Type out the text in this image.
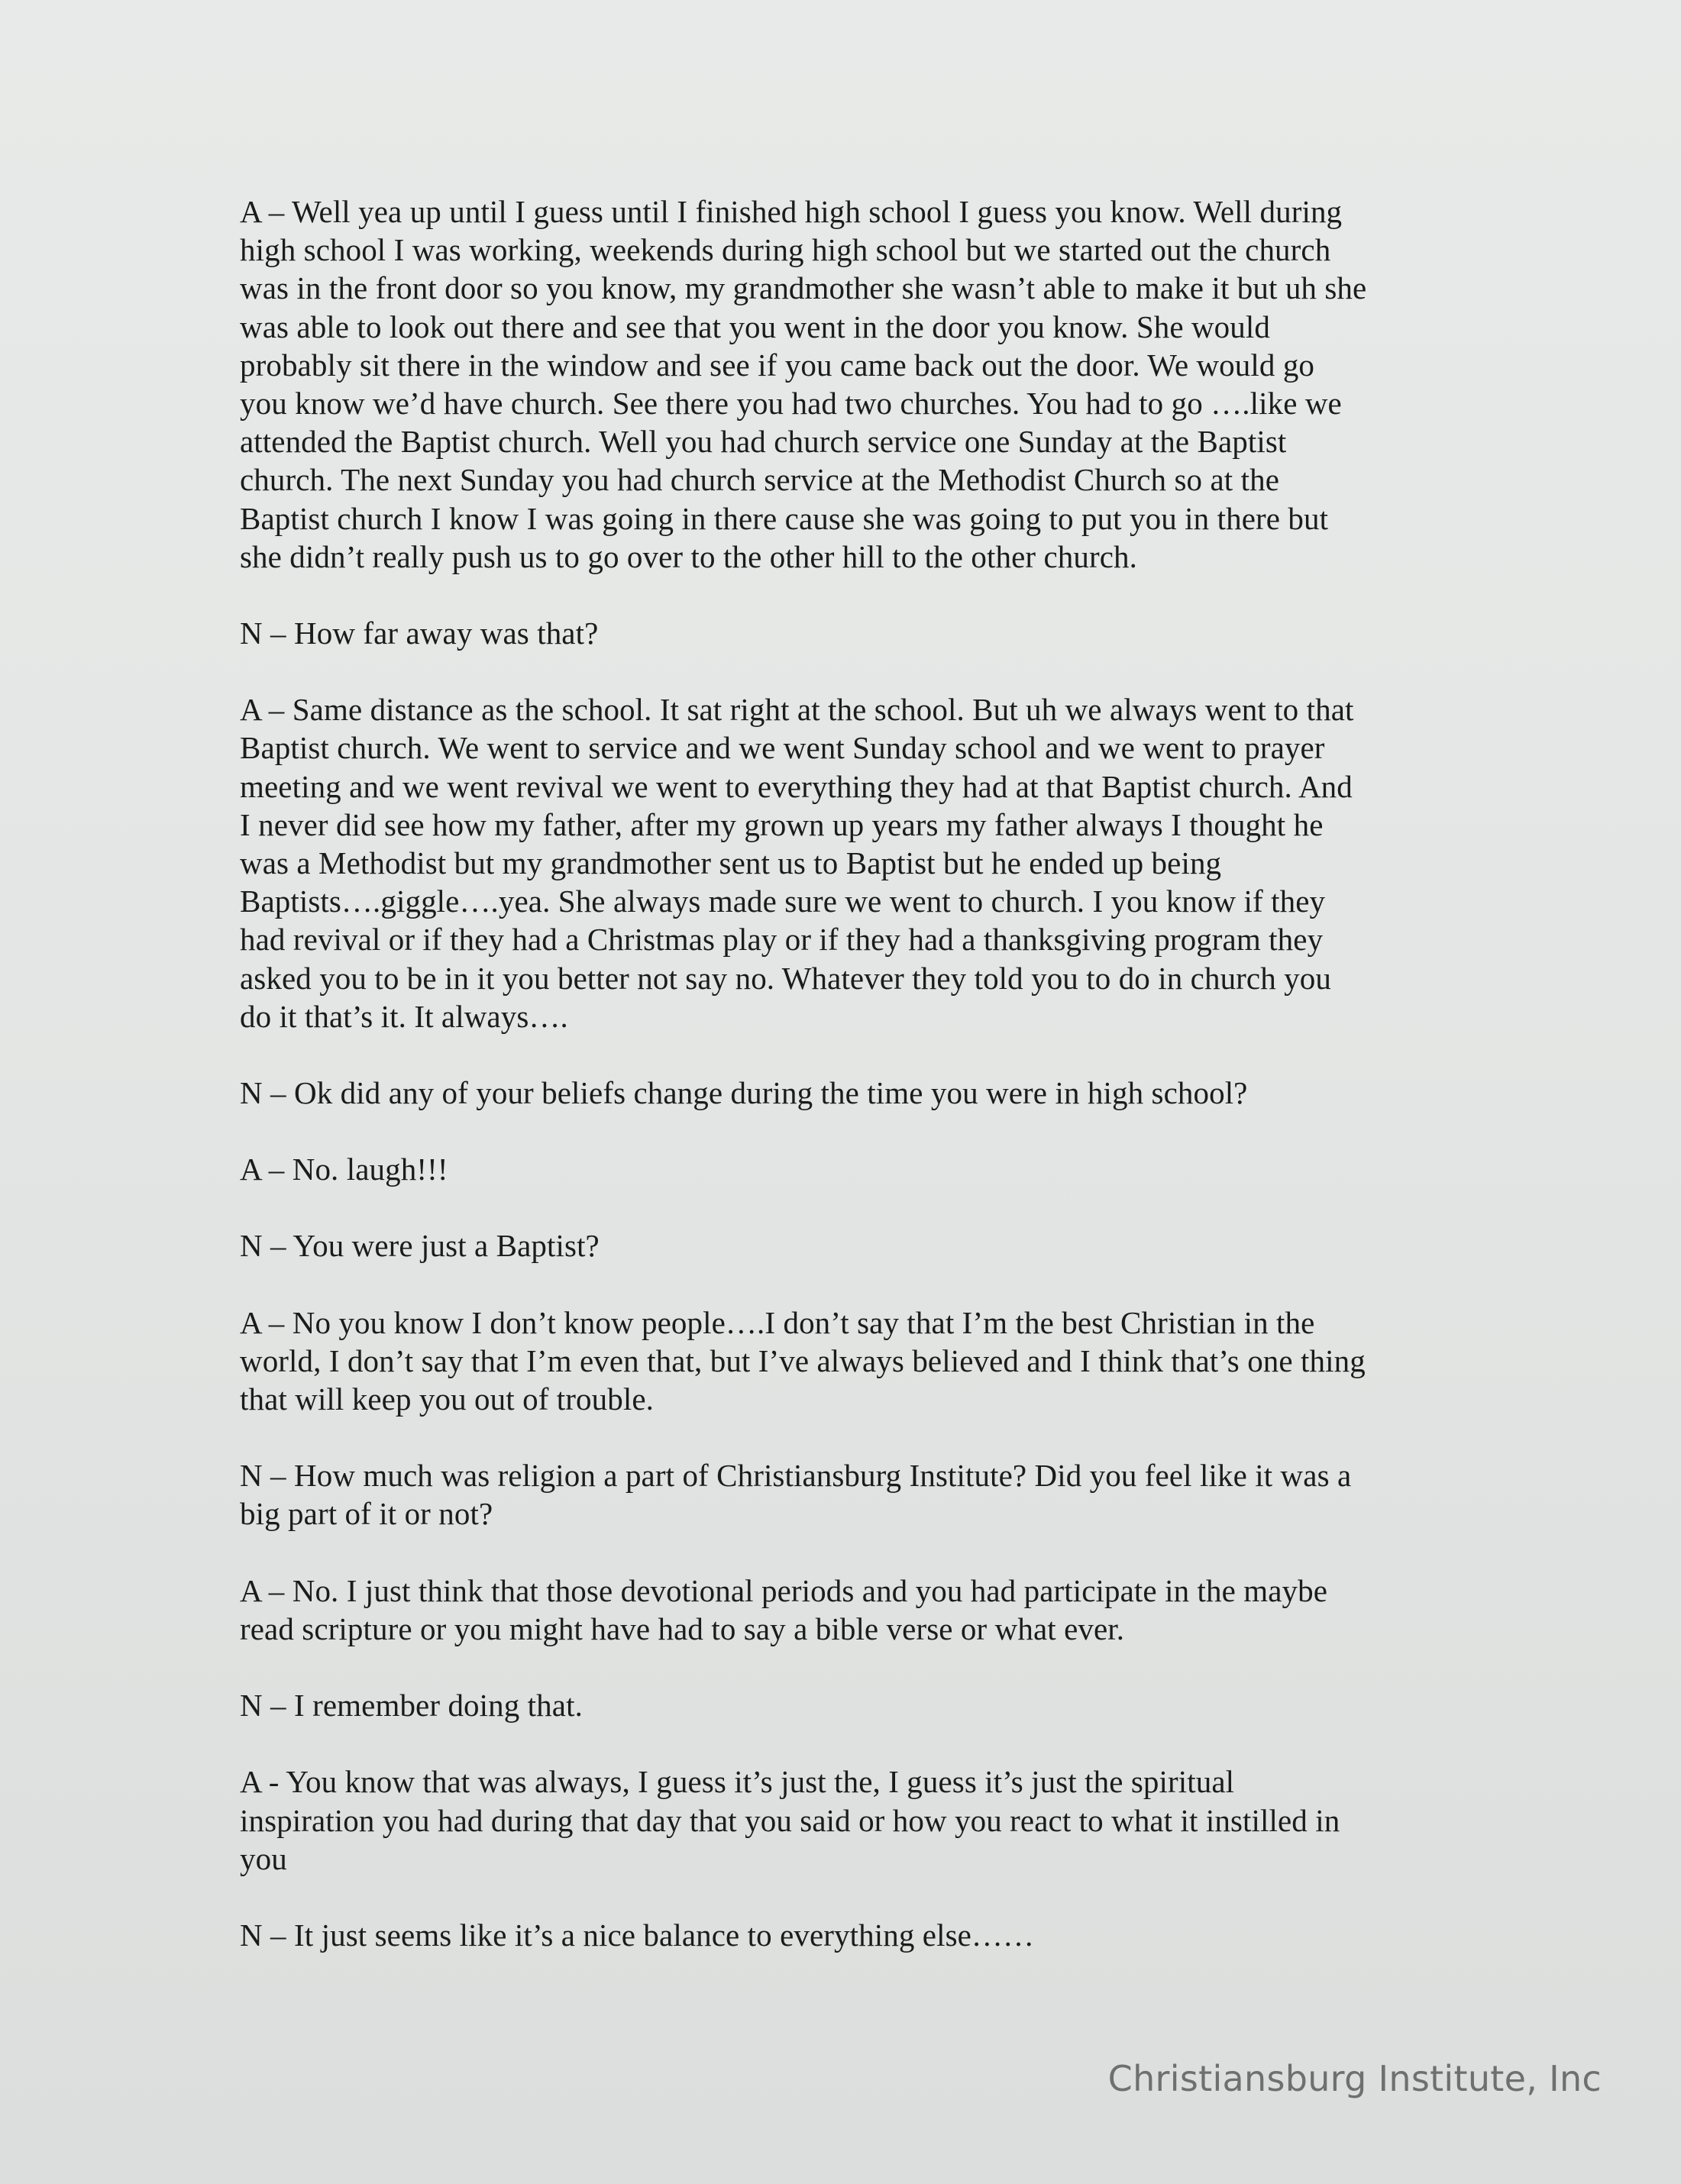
A – Well yea up until I guess until I finished high school I guess you know. Well during
high school I was working, weekends during high school but we started out the church
was in the front door so you know, my grandmother she wasn’t able to make it but uh she
was able to look out there and see that you went in the door you know. She would
probably sit there in the window and see if you came back out the door. We would go
you know we’d have church. See there you had two churches. You had to go ….like we
attended the Baptist church. Well you had church service one Sunday at the Baptist
church. The next Sunday you had church service at the Methodist Church so at the
Baptist church I know I was going in there cause she was going to put you in there but
she didn’t really push us to go over to the other hill to the other church.

N – How far away was that?

A – Same distance as the school. It sat right at the school. But uh we always went to that
Baptist church. We went to service and we went Sunday school and we went to prayer
meeting and we went revival we went to everything they had at that Baptist church. And
I never did see how my father, after my grown up years my father always I thought he
was a Methodist but my grandmother sent us to Baptist but he ended up being
Baptists….giggle….yea. She always made sure we went to church. I you know if they
had revival or if they had a Christmas play or if they had a thanksgiving program they
asked you to be in it you better not say no. Whatever they told you to do in church you
do it that’s it. It always….

N – Ok did any of your beliefs change during the time you were in high school?

A – No. laugh!!!

N – You were just a Baptist?

A – No you know I don’t know people….I don’t say that I’m the best Christian in the
world, I don’t say that I’m even that, but I’ve always believed and I think that’s one thing
that will keep you out of trouble.

N – How much was religion a part of Christiansburg Institute? Did you feel like it was a
big part of it or not?

A – No. I just think that those devotional periods and you had participate in the maybe
read scripture or you might have had to say a bible verse or what ever.

N – I remember doing that.

A - You know that was always, I guess it’s just the, I guess it’s just the spiritual
inspiration you had during that day that you said or how you react to what it instilled in
you

N – It just seems like it’s a nice balance to everything else……

Christiansburg Institute, Inc
